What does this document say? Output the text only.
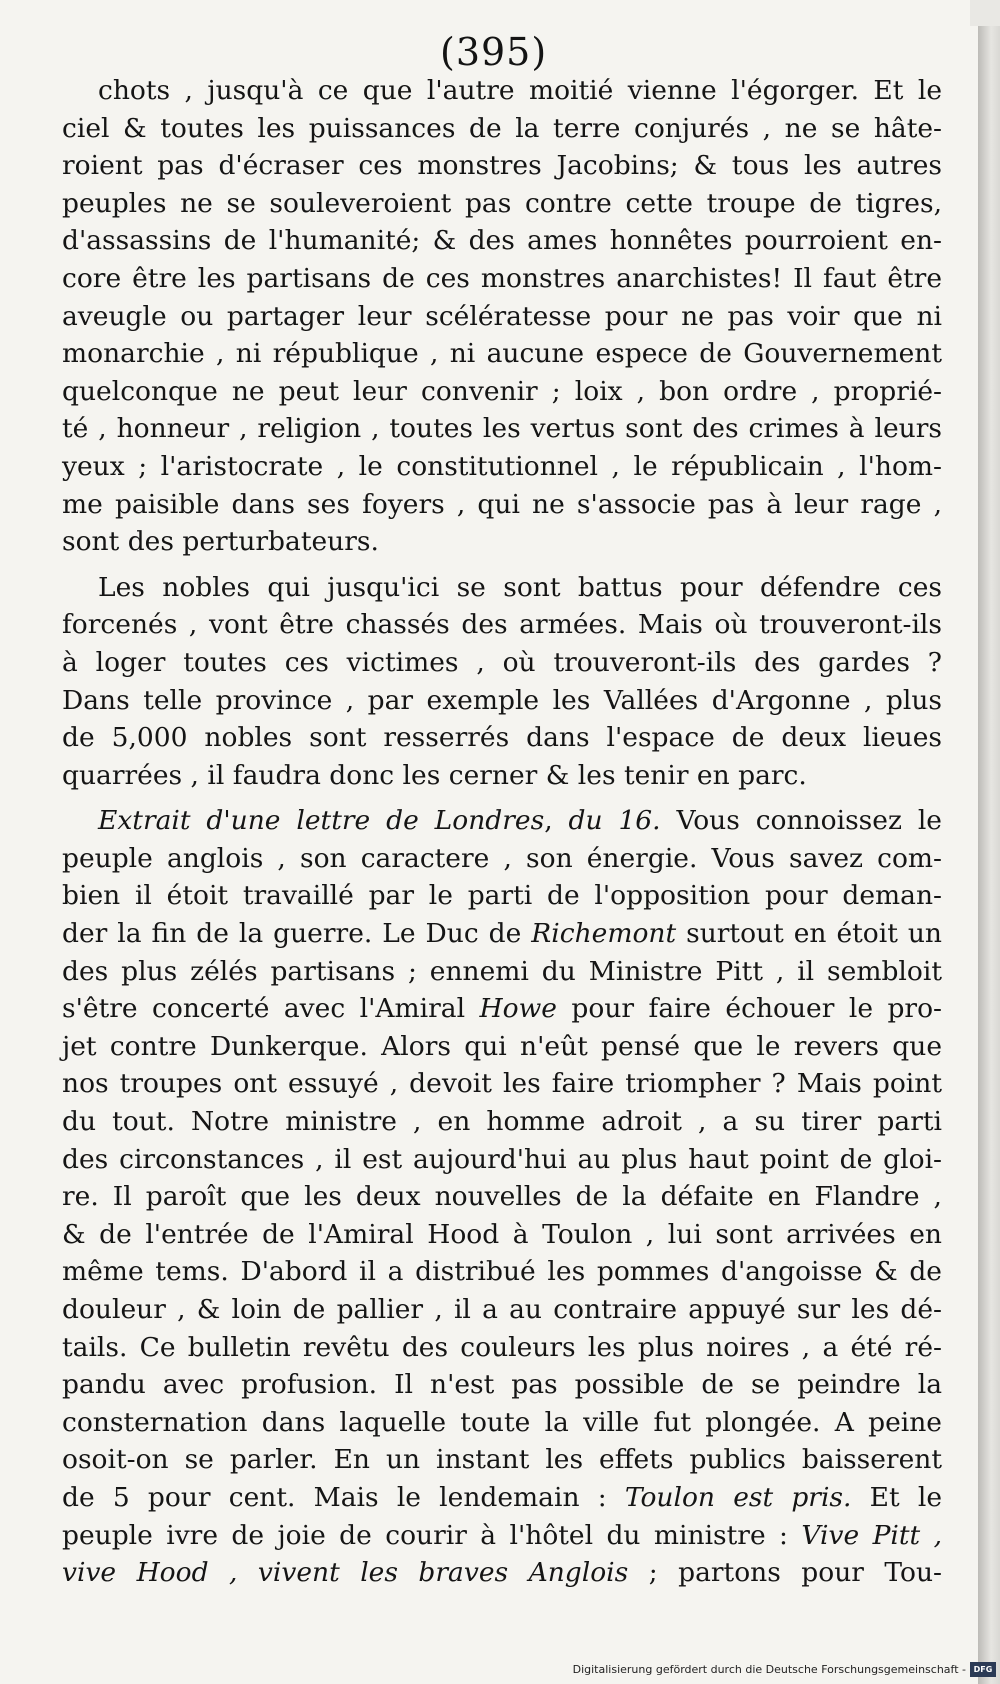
(395)
chots , jusqu'à ce que l'autre moitié vienne l'égorger. Et le
ciel & toutes les puissances de la terre conjurés , ne se hâte-
roient pas d'écraser ces monstres Jacobins; & tous les autres
peuples ne se souleveroient pas contre cette troupe de tigres,
d'assassins de l'humanité; & des ames honnêtes pourroient en-
core être les partisans de ces monstres anarchistes! Il faut être
aveugle ou partager leur scélératesse pour ne pas voir que ni
monarchie , ni république , ni aucune espece de Gouvernement
quelconque ne peut leur convenir ; loix , bon ordre , proprié-
té , honneur , religion , toutes les vertus sont des crimes à leurs
yeux ; l'aristocrate , le constitutionnel , le républicain , l'hom-
me paisible dans ses foyers , qui ne s'associe pas à leur rage ,
sont des perturbateurs.
Les nobles qui jusqu'ici se sont battus pour défendre ces
forcenés , vont être chassés des armées. Mais où trouveront-ils
à loger toutes ces victimes , où trouveront-ils des gardes ?
Dans telle province , par exemple les Vallées d'Argonne , plus
de 5,000 nobles sont resserrés dans l'espace de deux lieues
quarrées , il faudra donc les cerner & les tenir en parc.
Extrait d'une lettre de Londres, du 16. Vous connoissez le
peuple anglois , son caractere , son énergie. Vous savez com-
bien il étoit travaillé par le parti de l'opposition pour deman-
der la fin de la guerre. Le Duc de Richemont surtout en étoit un
des plus zélés partisans ; ennemi du Ministre Pitt , il sembloit
s'être concerté avec l'Amiral Howe pour faire échouer le pro-
jet contre Dunkerque. Alors qui n'eût pensé que le revers que
nos troupes ont essuyé , devoit les faire triompher ? Mais point
du tout. Notre ministre , en homme adroit , a su tirer parti
des circonstances , il est aujourd'hui au plus haut point de gloi-
re. Il paroît que les deux nouvelles de la défaite en Flandre ,
& de l'entrée de l'Amiral Hood à Toulon , lui sont arrivées en
même tems. D'abord il a distribué les pommes d'angoisse & de
douleur , & loin de pallier , il a au contraire appuyé sur les dé-
tails. Ce bulletin revêtu des couleurs les plus noires , a été ré-
pandu avec profusion. Il n'est pas possible de se peindre la
consternation dans laquelle toute la ville fut plongée. A peine
osoit-on se parler. En un instant les effets publics baisserent
de 5 pour cent. Mais le lendemain : Toulon est pris. Et le
peuple ivre de joie de courir à l'hôtel du ministre : Vive Pitt ,
vive Hood , vivent les braves Anglois ; partons pour Tou-
Digitalisierung gefördert durch die Deutsche Forschungsgemeinschaft - DFG
